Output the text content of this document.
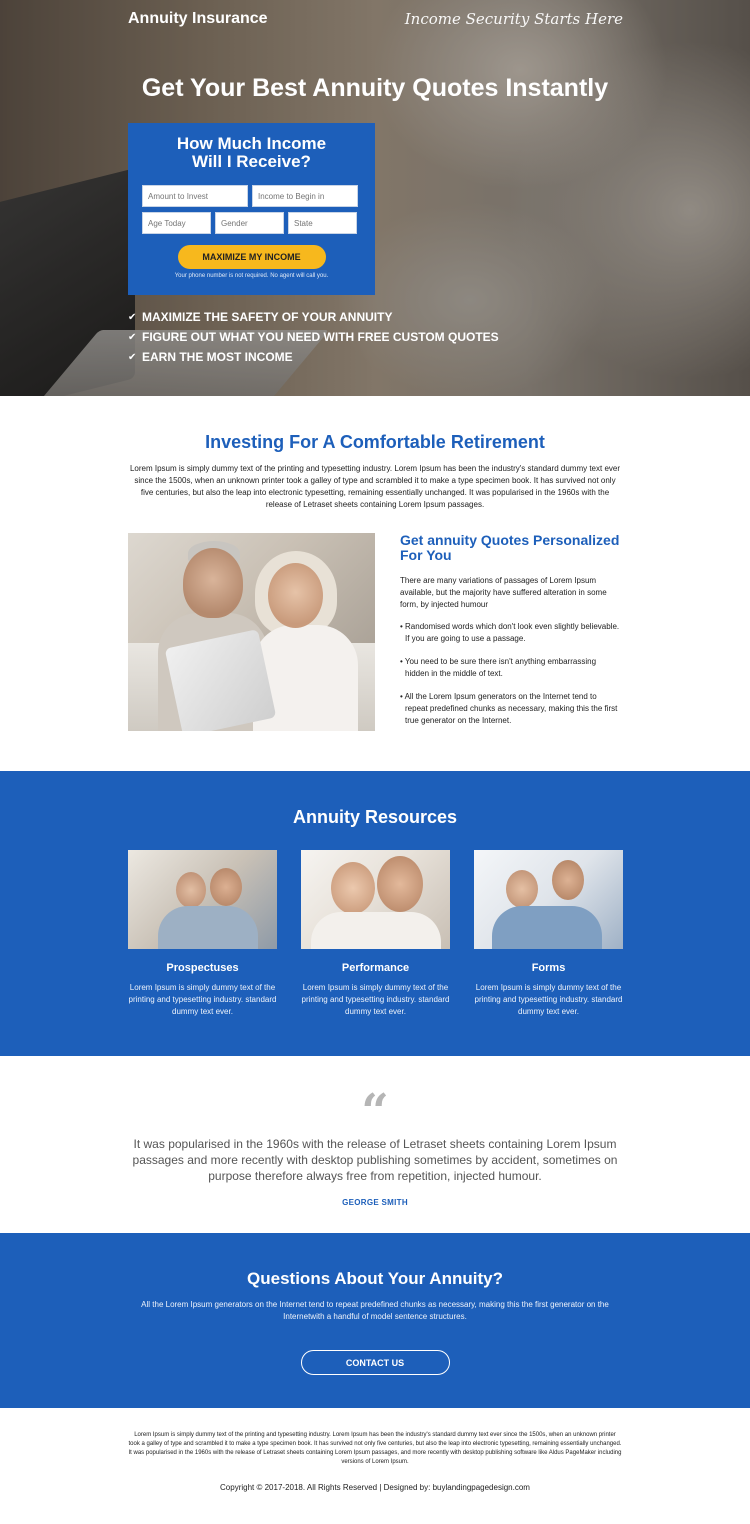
Annuity Insurance	Income Security Starts Here
Get Your Best Annuity Quotes Instantly
How Much Income Will I Receive?
Amount to Invest
Income to Begin in
Age Today
Gender
State
MAXIMIZE MY INCOME
Your phone number is not required. No agent will call you.
✔ MAXIMIZE THE SAFETY OF YOUR ANNUITY
✔ FIGURE OUT WHAT YOU NEED WITH FREE CUSTOM QUOTES
✔ EARN THE MOST INCOME
Investing For A Comfortable Retirement

Lorem Ipsum is simply dummy text of the printing and typesetting industry. Lorem Ipsum has been the industry's standard dummy text ever since the 1500s, when an unknown printer took a galley of type and scrambled it to make a type specimen book. It has survived not only five centuries, but also the leap into electronic typesetting, remaining essentially unchanged. It was popularised in the 1960s with the release of Letraset sheets containing Lorem Ipsum passages.

Get annuity Quotes Personalized For You

There are many variations of passages of Lorem Ipsum available, but the majority have suffered alteration in some form, by injected humour

• Randomised words which don't look even slightly believable. If you are going to use a passage.

• You need to be sure there isn't anything embarrassing hidden in the middle of text.

• All the Lorem Ipsum generators on the Internet tend to repeat predefined chunks as necessary, making this the first true generator on the Internet.

Annuity Resources
Prospectuses

Lorem Ipsum is simply dummy text of the printing and typesetting industry. standard dummy text ever.

Performance

Lorem Ipsum is simply dummy text of the printing and typesetting industry. standard dummy text ever.

Forms

Lorem Ipsum is simply dummy text of the printing and typesetting industry. standard dummy text ever.

“

It was popularised in the 1960s with the release of Letraset sheets containing Lorem Ipsum passages and more recently with desktop publishing sometimes by accident, sometimes on purpose therefore always free from repetition, injected humour.

GEORGE SMITH
Questions About Your Annuity?

All the Lorem Ipsum generators on the Internet tend to repeat predefined chunks as necessary, making this the first generator on the Internetwith a handful of model sentence structures.

CONTACT US

Lorem Ipsum is simply dummy text of the printing and typesetting industry. Lorem Ipsum has been the industry's standard dummy text ever since the 1500s, when an unknown printer took a galley of type and scrambled it to make a type specimen book. It has survived not only five centuries, but also the leap into electronic typesetting, remaining essentially unchanged. It was popularised in the 1960s with the release of Letraset sheets containing Lorem Ipsum passages, and more recently with desktop publishing software like Aldus PageMaker including versions of Lorem Ipsum.

Copyright © 2017-2018. All Rights Reserved | Designed by: buylandingpagedesign.com
